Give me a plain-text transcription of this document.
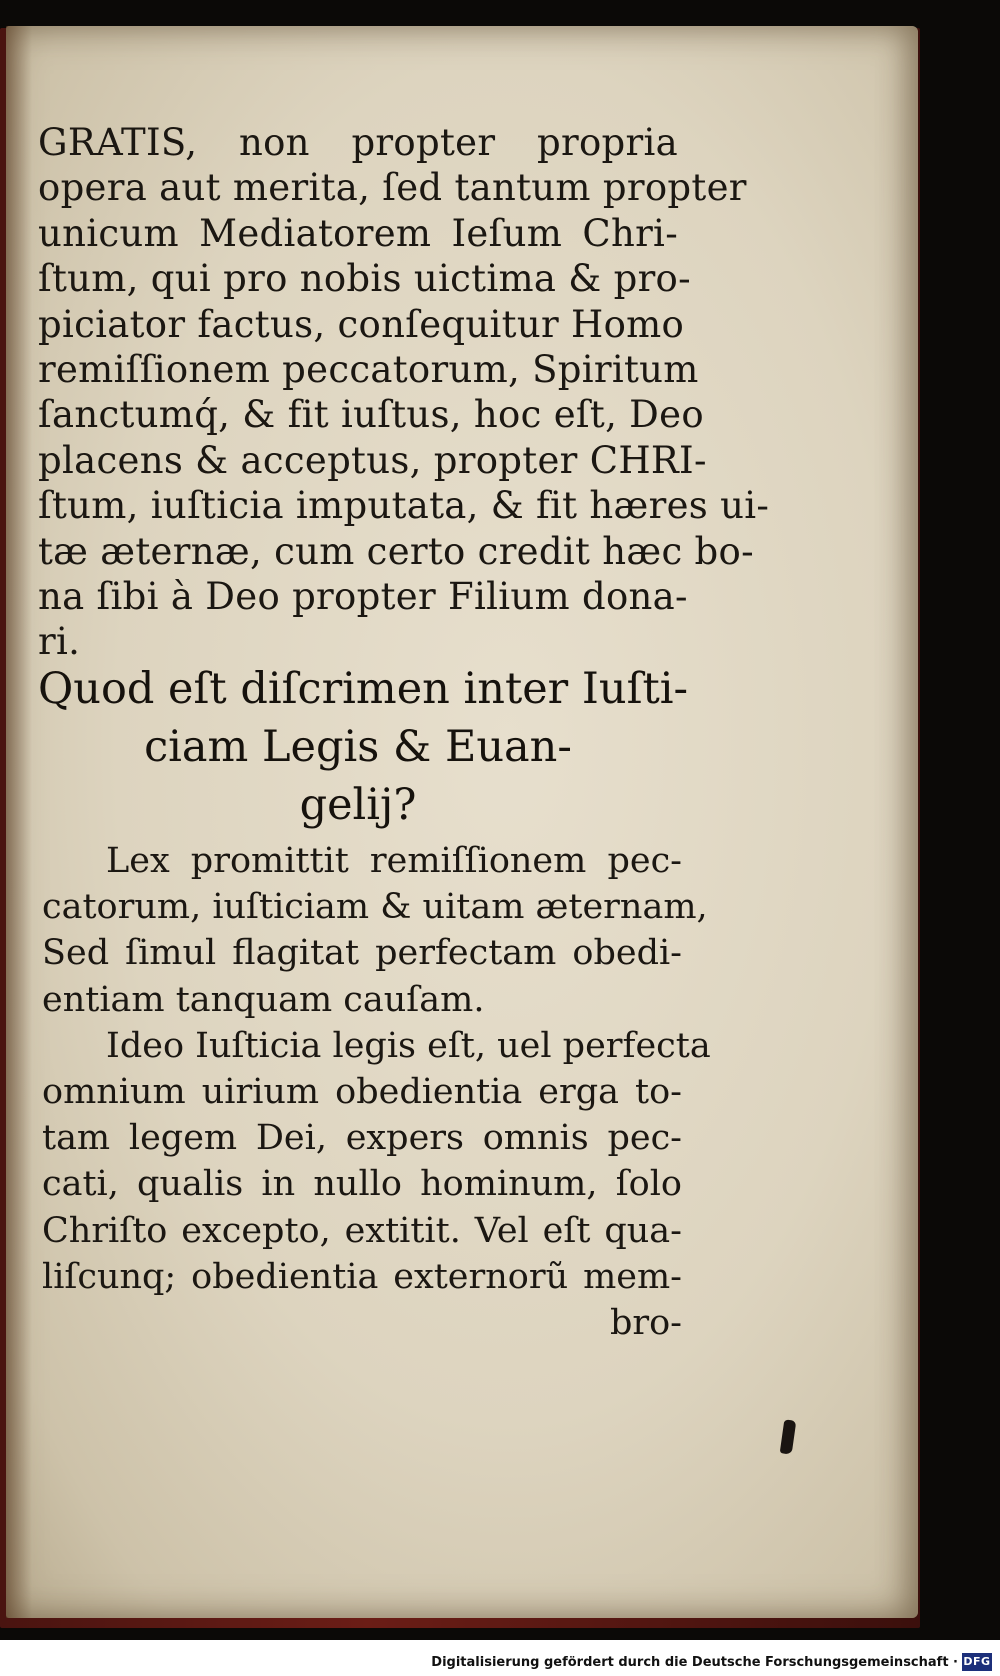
GRATIS, non propter propria
opera aut merita, ſed tantum propter
unicum Mediatorem Ieſum Chri-
ſtum, qui pro nobis uictima & pro-
piciator factus, conſequitur Homo
remiſſionem peccatorum, Spiritum
ſanctumq́, & fit iuſtus, hoc eſt, Deo
placens & acceptus, propter CHRI-
ſtum, iuſticia imputata, & fit hæres ui-
tæ æternæ, cum certo credit hæc bo-
na ſibi à Deo propter Filium dona-
ri.
Quod eſt diſcrimen inter Iuſti-
ciam Legis & Euan-
gelij?
Lex promittit remiſſionem pec-
catorum, iuſticiam & uitam æternam,
Sed ſimul flagitat perfectam obedi-
entiam tanquam cauſam.
Ideo Iuſticia legis eſt, uel perfecta
omnium uirium obedientia erga to-
tam legem Dei, expers omnis pec-
cati, qualis in nullo hominum, ſolo
Chriſto excepto, extitit. Vel eſt qua-
liſcunq; obedientia externorũ mem-
bro-
Digitalisierung gefördert durch die Deutsche Forschungsgemeinschaft · DFG
